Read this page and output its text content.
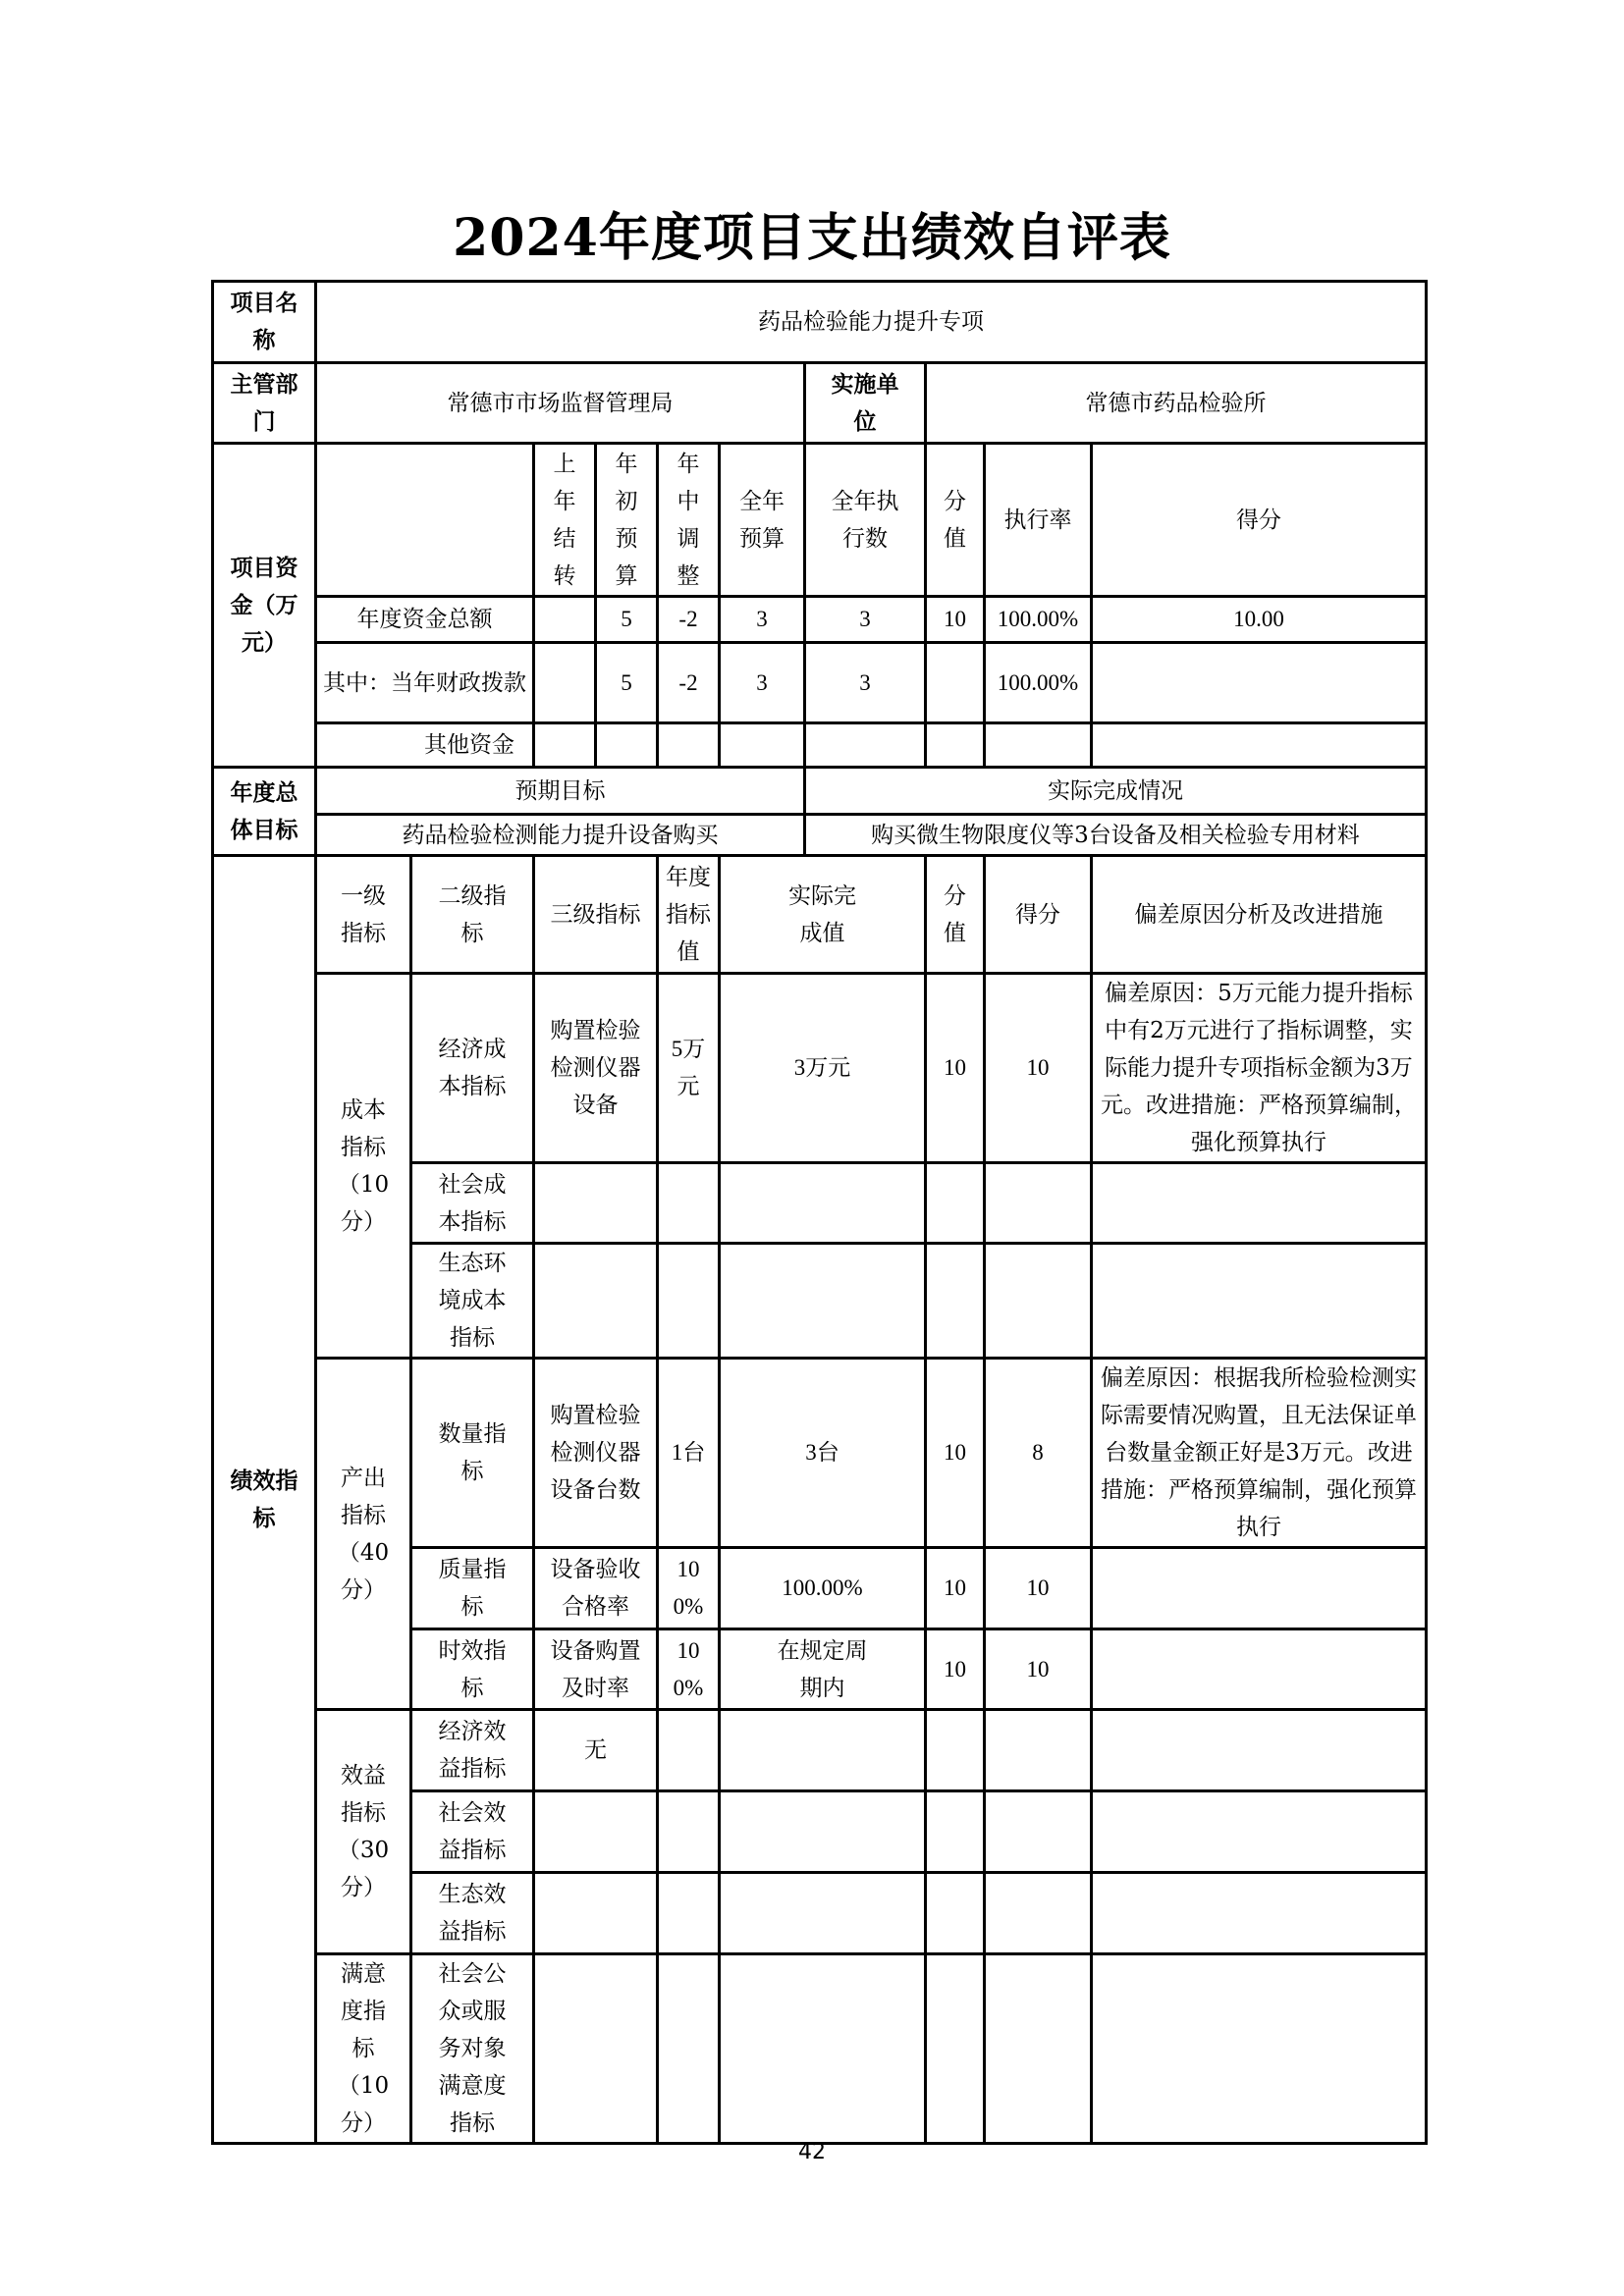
2024年度项目支出绩效自评表
项目名称	药品检验能力提升专项									
主管部门	常德市市场监督管理局						实施单位	常德市药品检验所		
项目资金（万元）			上年结转	年初预算	年中调整	全年预算	全年执行数	分值	执行率	得分
	年度资金总额			5	-2	3	3	10	100.00%	10.00
	其中：当年财政拨款			5	-2	3	3		100.00%	
	其他资金									
年度总体目标	预期目标						实际完成情况			
	药品检验检测能力提升设备购买						购买微生物限度仪等3台设备及相关检验专用材料			
绩效指标	一级指标	二级指标	三级指标		年度指标值	实际完成值		分值	得分	偏差原因分析及改进措施
	成本指标（10分）	经济成本指标	购置检验检测仪器设备		5万元	3万元		10	10	偏差原因：5万元能力提升指标中有2万元进行了指标调整，实际能力提升专项指标金额为3万元。改进措施：严格预算编制，强化预算执行
		社会成本指标								
		生态环境成本指标								
	产出指标（40分）	数量指标	购置检验检测仪器设备台数		1台	3台		10	8	偏差原因：根据我所检验检测实际需要情况购置，且无法保证单台数量金额正好是3万元。改进措施：严格预算编制，强化预算执行
		质量指标	设备验收合格率		100%	100.00%		10	10	
		时效指标	设备购置及时率		100%	在规定周期内		10	10	
	效益指标（30分）	经济效益指标	无							
		社会效益指标								
		生态效益指标								
	满意度指标（10分）	社会公众或服务对象满意度指标								
42
